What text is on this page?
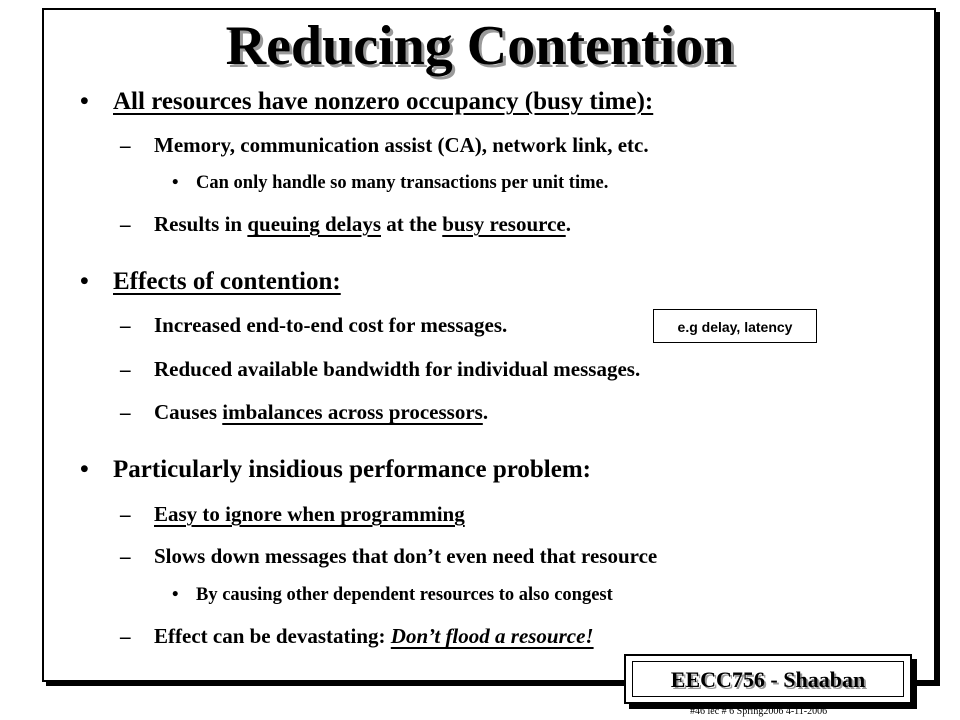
Reducing Contention
• All resources have nonzero occupancy (busy time):
– Memory, communication assist (CA), network link, etc.
• Can only handle so many transactions per unit time.
– Results in queuing delays at the busy resource.
• Effects of contention:
– Increased end-to-end cost for messages.	e.g delay, latency
– Reduced available bandwidth for individual messages.
– Causes imbalances across processors.
• Particularly insidious performance problem:
– Easy to ignore when programming
– Slows down messages that don’t even need that resource
• By causing other dependent resources to also congest
– Effect can be devastating: Don’t flood a resource!
EECC756 - Shaaban
#46 lec # 6 Spring2006 4-11-2006
